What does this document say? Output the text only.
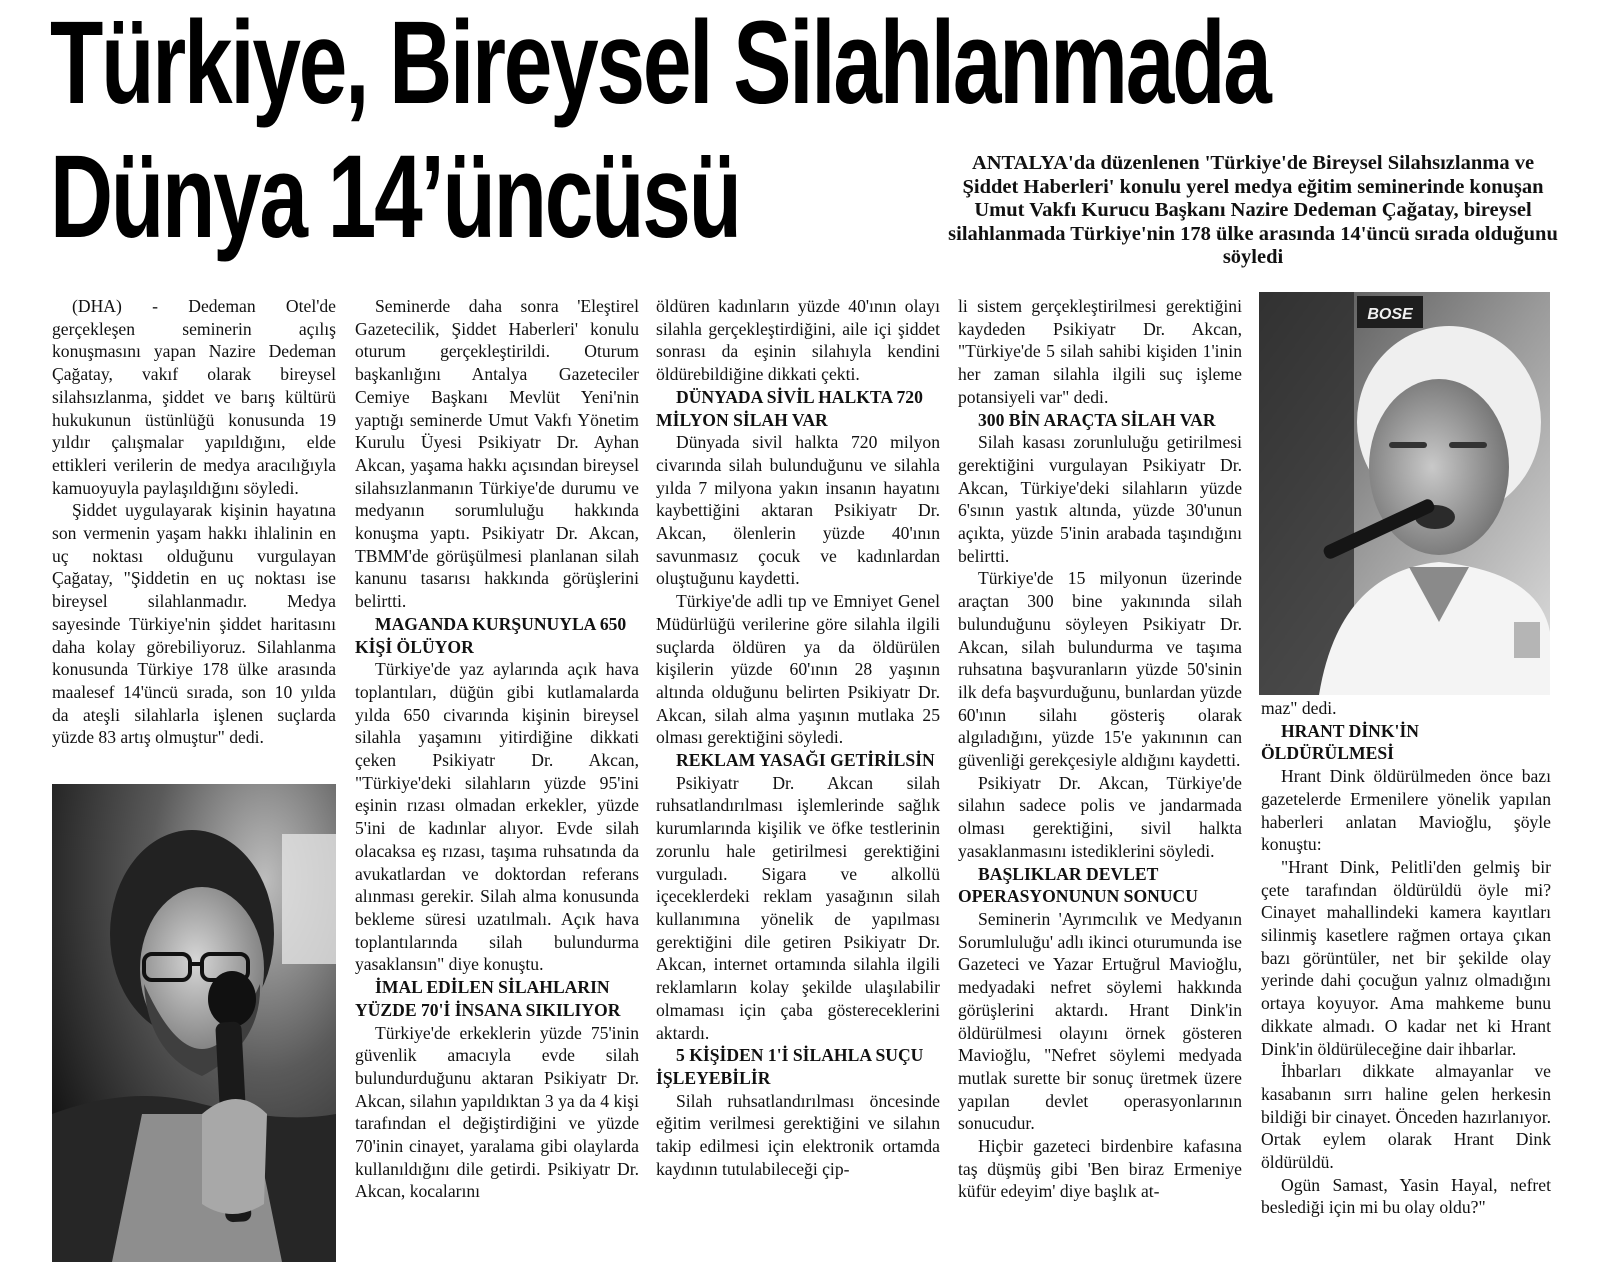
Türkiye, Bireysel Silahlanmada
Dünya 14’üncüsü	ANTALYA'da düzenlenen 'Türkiye'de Bireysel Silahsızlanma ve Şiddet Haberleri' konulu yerel medya eğitim seminerinde konuşan Umut Vakfı Kurucu Başkanı Nazire Dedeman Çağatay, bireysel silahlanmada Türkiye'nin 178 ülke arasında 14'üncü sırada olduğunu söyledi

(DHA) - Dedeman Otel'de gerçekleşen seminerin açılış konuşmasını yapan Nazire Dedeman Çağatay, vakıf olarak bireysel silahsızlanma, şiddet ve barış kültürü hukukunun üstünlüğü konusunda 19 yıldır çalışmalar yapıldığını, elde ettikleri verilerin de medya aracılığıyla kamuoyuyla paylaşıldığını söyledi.

Şiddet uygulayarak kişinin hayatına son vermenin yaşam hakkı ihlalinin en uç noktası olduğunu vurgulayan Çağatay, "Şiddetin en uç noktası ise bireysel silahlanmadır. Medya sayesinde Türkiye'nin şiddet haritasını daha kolay görebiliyoruz. Silahlanma konusunda Türkiye 178 ülke arasında maalesef 14'üncü sırada, son 10 yılda da ateşli silahlarla işlenen suçlarda yüzde 83 artış olmuştur" dedi.

Seminerde daha sonra 'Eleştirel Gazetecilik, Şiddet Haberleri' konulu oturum gerçekleştirildi. Oturum başkanlığını Antalya Gazeteciler Cemiye Başkanı Mevlüt Yeni'nin yaptığı seminerde Umut Vakfı Yönetim Kurulu Üyesi Psikiyatr Dr. Ayhan Akcan, yaşama hakkı açısından bireysel silahsızlanmanın Türkiye'de durumu ve medyanın sorumluluğu hakkında konuşma yaptı. Psikiyatr Dr. Akcan, TBMM'de görüşülmesi planlanan silah kanunu tasarısı hakkında görüşlerini belirtti.

MAGANDA KURŞUNUYLA 650 KİŞİ ÖLÜYOR

Türkiye'de yaz aylarında açık hava toplantıları, düğün gibi kutlamalarda yılda 650 civarında kişinin bireysel silahla yaşamını yitirdiğine dikkati çeken Psikiyatr Dr. Akcan, "Türkiye'deki silahların yüzde 95'ini eşinin rızası olmadan erkekler, yüzde 5'ini de kadınlar alıyor. Evde silah olacaksa eş rızası, taşıma ruhsatında da avukatlardan ve doktordan referans alınması gerekir. Silah alma konusunda bekleme süresi uzatılmalı. Açık hava toplantılarında silah bulundurma yasaklansın" diye konuştu.

İMAL EDİLEN SİLAHLARIN YÜZDE 70'İ İNSANA SIKILIYOR

Türkiye'de erkeklerin yüzde 75'inin güvenlik amacıyla evde silah bulundurduğunu aktaran Psikiyatr Dr. Akcan, silahın yapıldıktan 3 ya da 4 kişi tarafından el değiştirdiğini ve yüzde 70'inin cinayet, yaralama gibi olaylarda kullanıldığını dile getirdi. Psikiyatr Dr. Akcan, kocalarını

öldüren kadınların yüzde 40'ının olayı silahla gerçekleştirdiğini, aile içi şiddet sonrası da eşinin silahıyla kendini öldürebildiğine dikkati çekti.

DÜNYADA SİVİL HALKTA 720 MİLYON SİLAH VAR

Dünyada sivil halkta 720 milyon civarında silah bulunduğunu ve silahla yılda 7 milyona yakın insanın hayatını kaybettiğini aktaran Psikiyatr Dr. Akcan, ölenlerin yüzde 40'ının savunmasız çocuk ve kadınlardan oluştuğunu kaydetti.

Türkiye'de adli tıp ve Emniyet Genel Müdürlüğü verilerine göre silahla ilgili suçlarda öldüren ya da öldürülen kişilerin yüzde 60'ının 28 yaşının altında olduğunu belirten Psikiyatr Dr. Akcan, silah alma yaşının mutlaka 25 olması gerektiğini söyledi.

REKLAM YASAĞI GETİRİLSİN

Psikiyatr Dr. Akcan silah ruhsatlandırılması işlemlerinde sağlık kurumlarında kişilik ve öfke testlerinin zorunlu hale getirilmesi gerektiğini vurguladı. Sigara ve alkollü içeceklerdeki reklam yasağının silah kullanımına yönelik de yapılması gerektiğini dile getiren Psikiyatr Dr. Akcan, internet ortamında silahla ilgili reklamların kolay şekilde ulaşılabilir olmaması için çaba göstereceklerini aktardı.

5 KİŞİDEN 1'İ SİLAHLA SUÇU İŞLEYEBİLİR

Silah ruhsatlandırılması öncesinde eğitim verilmesi gerektiğini ve silahın takip edilmesi için elektronik ortamda kaydının tutulabileceği çip-

li sistem gerçekleştirilmesi gerektiğini kaydeden Psikiyatr Dr. Akcan, "Türkiye'de 5 silah sahibi kişiden 1'inin her zaman silahla ilgili suç işleme potansiyeli var" dedi.

300 BİN ARAÇTA SİLAH VAR

Silah kasası zorunluluğu getirilmesi gerektiğini vurgulayan Psikiyatr Dr. Akcan, Türkiye'deki silahların yüzde 6'sının yastık altında, yüzde 30'unun açıkta, yüzde 5'inin arabada taşındığını belirtti.

Türkiye'de 15 milyonun üzerinde araçtan 300 bine yakınında silah bulunduğunu söyleyen Psikiyatr Dr. Akcan, silah bulundurma ve taşıma ruhsatına başvuranların yüzde 50'sinin ilk defa başvurduğunu, bunlardan yüzde 60'ının silahı gösteriş olarak algıladığını, yüzde 15'e yakınının can güvenliği gerekçesiyle aldığını kaydetti.

Psikiyatr Dr. Akcan, Türkiye'de silahın sadece polis ve jandarmada olması gerektiğini, sivil halkta yasaklanmasını istediklerini söyledi.

BAŞLIKLAR DEVLET OPERASYONUNUN SONUCU

Seminerin 'Ayrımcılık ve Medyanın Sorumluluğu' adlı ikinci oturumunda ise Gazeteci ve Yazar Ertuğrul Mavioğlu, medyadaki nefret söylemi hakkında görüşlerini aktardı. Hrant Dink'in öldürülmesi olayını örnek gösteren Mavioğlu, "Nefret söylemi medyada mutlak surette bir sonuç üretmek üzere yapılan devlet operasyonlarının sonucudur.

Hiçbir gazeteci birdenbire kafasına taş düşmüş gibi 'Ben biraz Ermeniye küfür edeyim' diye başlık at-

BOSE

maz" dedi.

HRANT DİNK'İN ÖLDÜRÜLMESİ

Hrant Dink öldürülmeden önce bazı gazetelerde Ermenilere yönelik yapılan haberleri anlatan Mavioğlu, şöyle konuştu:

"Hrant Dink, Pelitli'den gelmiş bir çete tarafından öldürüldü öyle mi? Cinayet mahallindeki kamera kayıtları silinmiş kasetlere rağmen ortaya çıkan bazı görüntüler, net bir şekilde olay yerinde dahi çocuğun yalnız olmadığını ortaya koyuyor. Ama mahkeme bunu dikkate almadı. O kadar net ki Hrant Dink'in öldürüleceğine dair ihbarlar.

İhbarları dikkate almayanlar ve kasabanın sırrı haline gelen herkesin bildiği bir cinayet. Önceden hazırlanıyor. Ortak eylem olarak Hrant Dink öldürüldü.

Ogün Samast, Yasin Hayal, nefret beslediği için mi bu olay oldu?"
